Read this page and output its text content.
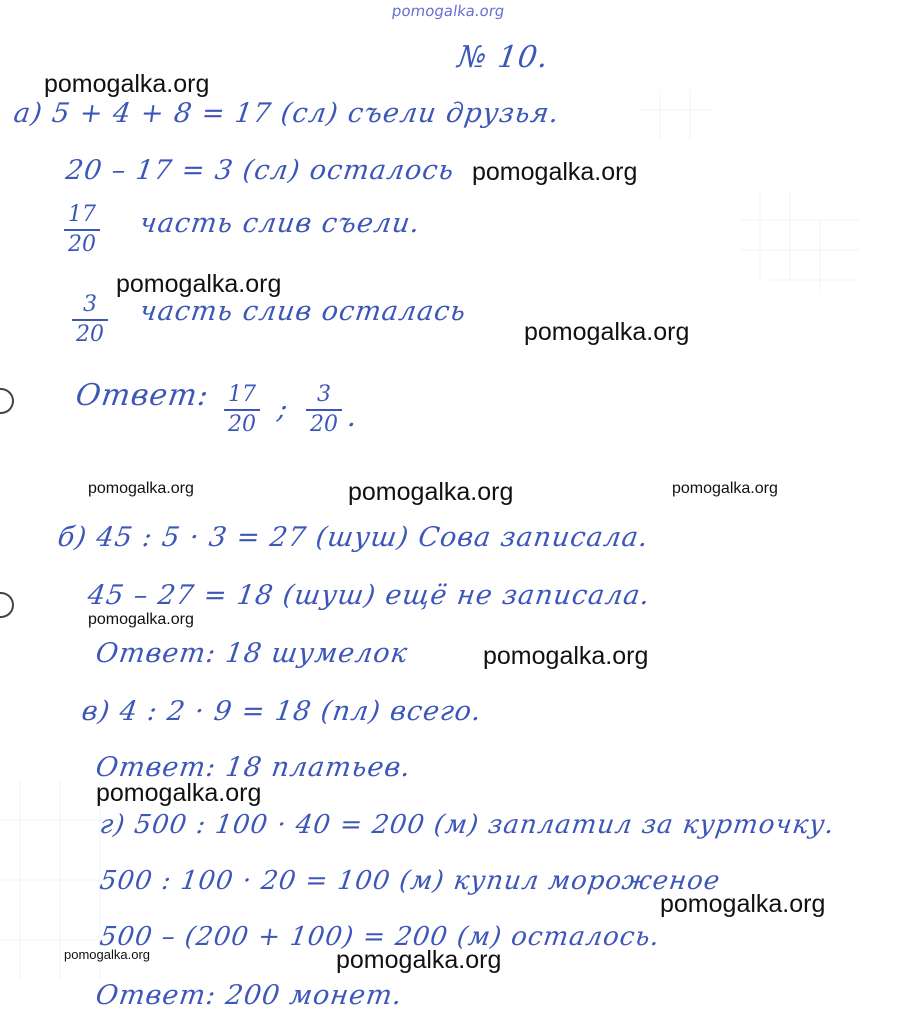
pomogalka.org
№ 10.
а) 5 + 4 + 8 = 17 (сл) съели друзья.
20 – 17 = 3 (сл) осталось
17
20
часть слив съели.
3
20
часть слив осталась
Ответ: 17
20 ;	3
20 .
б) 45 : 5 · 3 = 27 (шуш) Сова записала.
45 – 27 = 18 (шуш) ещё не записала.
Ответ: 18 шумелок
в) 4 : 2 · 9 = 18 (пл) всего.
Ответ: 18 платьев.
г) 500 : 100 · 40 = 200 (м) заплатил за курточку.
500 : 100 · 20 = 100 (м) купил мороженое
500 – (200 + 100) = 200 (м) осталось.
Ответ: 200 монет.
pomogalka.org
pomogalka.org
pomogalka.org
pomogalka.org
pomogalka.org	pomogalka.org	pomogalka.org
pomogalka.org
pomogalka.org
pomogalka.org
pomogalka.org
pomogalka.org	pomogalka.org
